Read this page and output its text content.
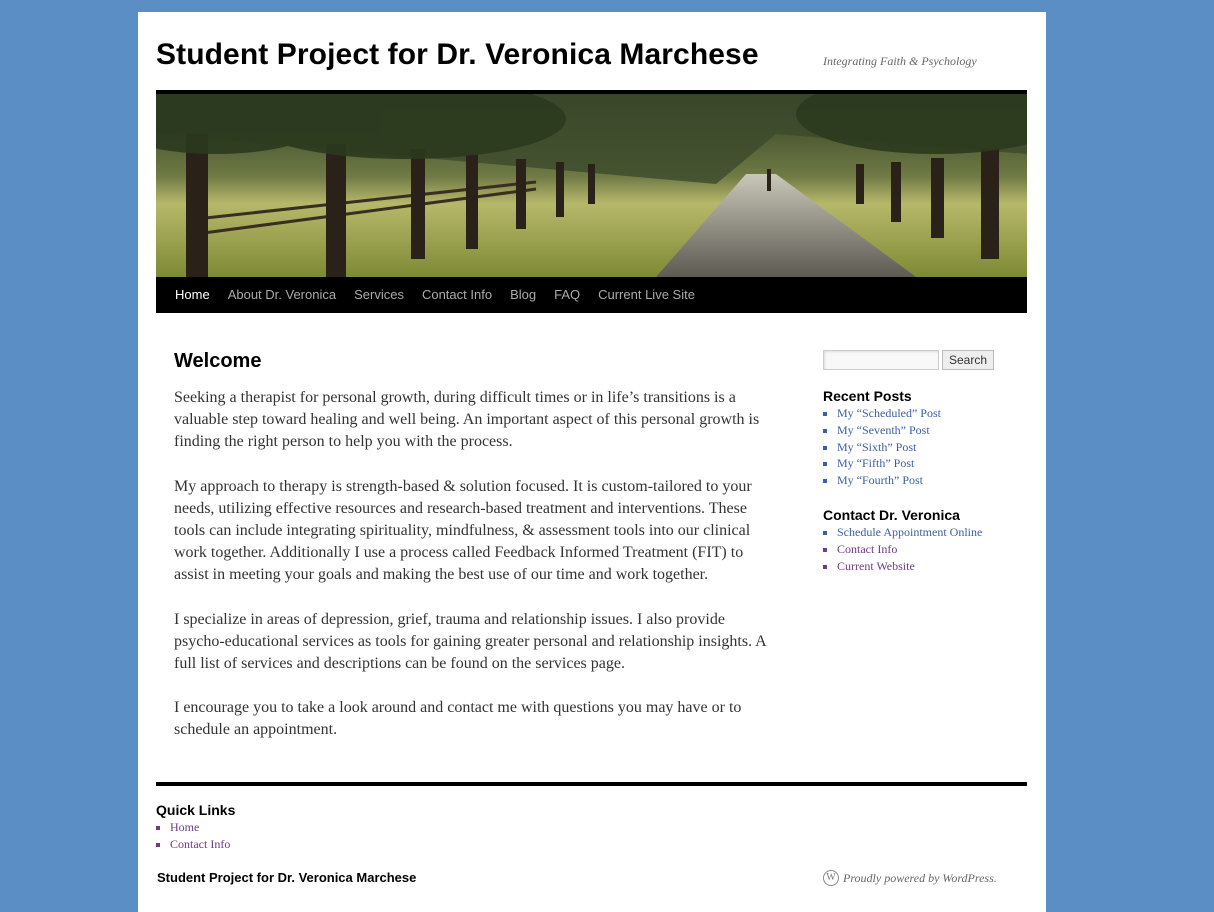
Student Project for Dr. Veronica Marchese	Integrating Faith & Psychology
Home	About Dr. Veronica	Services	Contact Info	Blog	FAQ	Current Live Site
Welcome

Seeking a therapist for personal growth, during difficult times or in life’s transitions is a valuable step toward healing and well being. An important aspect of this personal growth is finding the right person to help you with the process.

My approach to therapy is strength-based & solution focused. It is custom-tailored to your needs, utilizing effective resources and research-based treatment and interventions. These tools can include integrating spirituality, mindfulness, & assessment tools into our clinical work together. Additionally I use a process called Feedback Informed Treatment (FIT) to assist in meeting your goals and making the best use of our time and work together.

I specialize in areas of depression, grief, trauma and relationship issues. I also provide psycho-educational services as tools for gaining greater personal and relationship insights. A full list of services and descriptions can be found on the services page.

I encourage you to take a look around and contact me with questions you may have or to schedule an appointment.

Search
Recent Posts
▪ My “Scheduled” Post
▪ My “Seventh” Post
▪ My “Sixth” Post
▪ My “Fifth” Post
▪ My “Fourth” Post
Contact Dr. Veronica
▪ Schedule Appointment Online
▪ Contact Info
▪ Current Website
Quick Links
▪ Home
▪ Contact Info
Student Project for Dr. Veronica Marchese	W Proudly powered by WordPress.
